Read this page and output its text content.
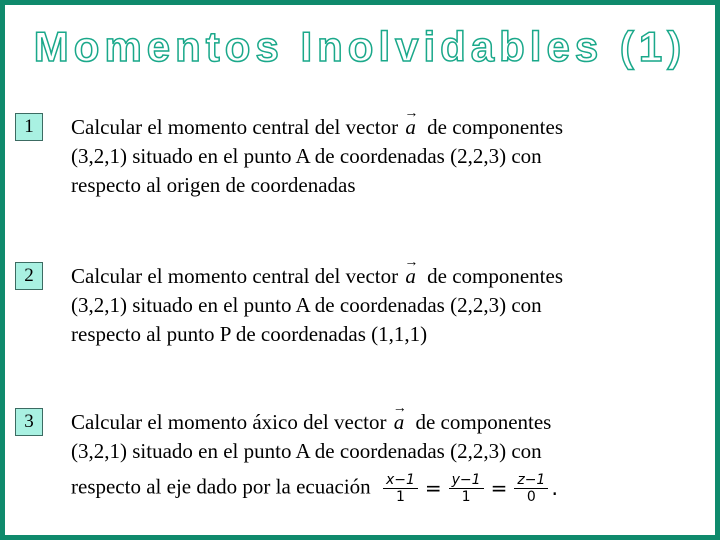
Momentos Inolvidables (1)
1	Calcular el momento central del vector → a de componentes
(3,2,1) situado en el punto A de coordenadas (2,2,3) con
respecto al origen de coordenadas
2	Calcular el momento central del vector → a de componentes
(3,2,1) situado en el punto A de coordenadas (2,2,3) con
respecto al punto P de coordenadas (1,1,1)
3	Calcular el momento áxico del vector → a de componentes
(3,2,1) situado en el punto A de coordenadas (2,2,3) con
respecto al eje dado por la ecuación $\frac{x-1}{1} = \frac{y-1}{1} = \frac{z-1}{0}$ .
